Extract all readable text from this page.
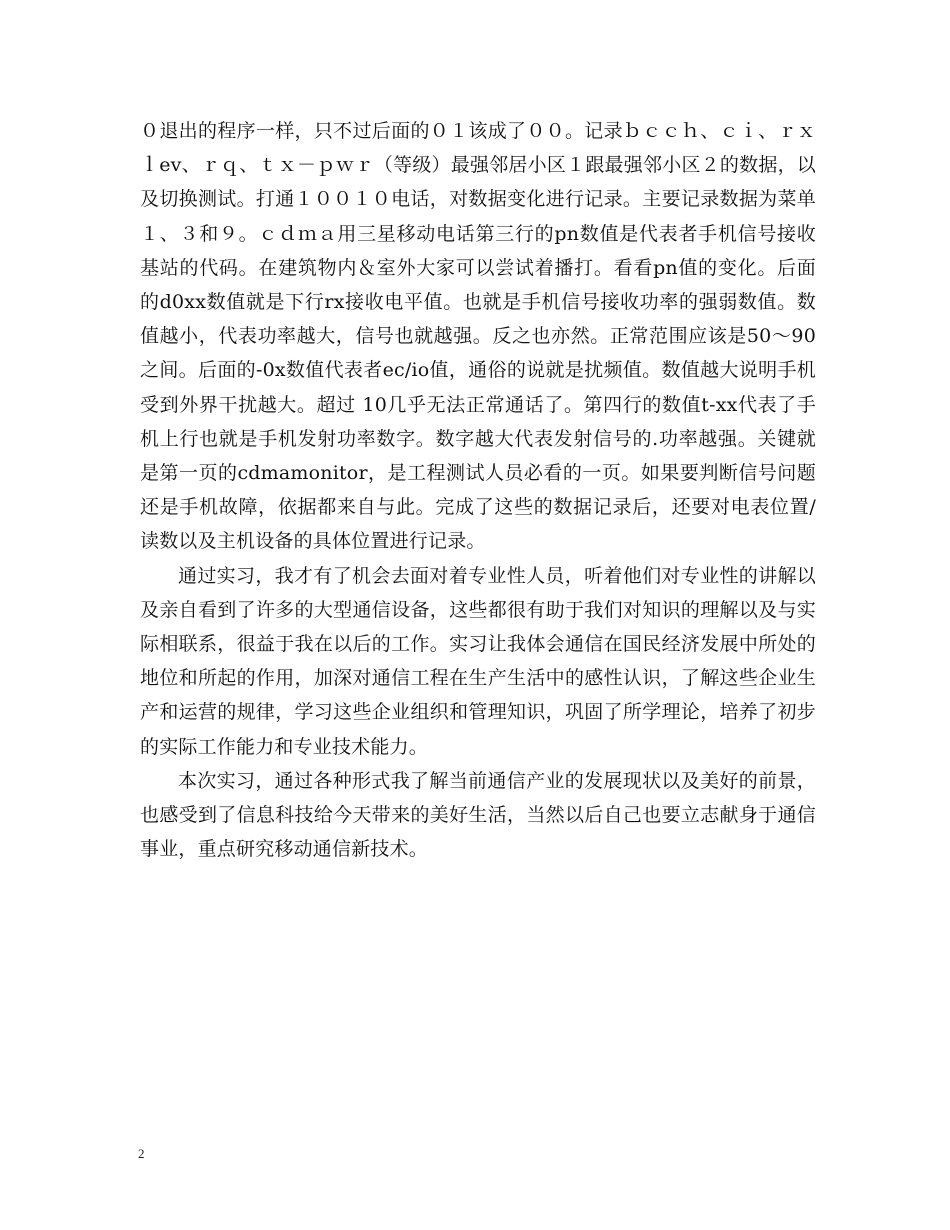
０退出的程序一样，只不过后面的０１该成了００。记录ｂｃｃｈ、ｃｉ、ｒｘｌev、ｒｑ、ｔｘ－ｐｗｒ（等级）最强邻居小区１跟最强邻小区２的数据，以及切换测试。打通１００１０电话，对数据变化进行记录。主要记录数据为菜单１、３和９。ｃｄｍａ用三星移动电话第三行的pn数值是代表者手机信号接收基站的代码。在建筑物内＆室外大家可以尝试着播打。看看pn值的变化。后面的d0xx数值就是下行rx接收电平值。也就是手机信号接收功率的强弱数值。数值越小，代表功率越大，信号也就越强。反之也亦然。正常范围应该是50～90之间。后面的-0x数值代表者ec/io值，通俗的说就是扰频值。数值越大说明手机受到外界干扰越大。超过 10几乎无法正常通话了。第四行的数值t-xx代表了手机上行也就是手机发射功率数字。数字越大代表发射信号的.功率越强。关键就是第一页的cdmamonitor，是工程测试人员必看的一页。如果要判断信号问题还是手机故障，依据都来自与此。完成了这些的数据记录后，还要对电表位置/读数以及主机设备的具体位置进行记录。

通过实习，我才有了机会去面对着专业性人员，听着他们对专业性的讲解以及亲自看到了许多的大型通信设备，这些都很有助于我们对知识的理解以及与实际相联系，很益于我在以后的工作。实习让我体会通信在国民经济发展中所处的地位和所起的作用，加深对通信工程在生产生活中的感性认识，了解这些企业生产和运营的规律，学习这些企业组织和管理知识，巩固了所学理论，培养了初步的实际工作能力和专业技术能力。

本次实习，通过各种形式我了解当前通信产业的发展现状以及美好的前景，也感受到了信息科技给今天带来的美好生活，当然以后自己也要立志献身于通信事业，重点研究移动通信新技术。

2
